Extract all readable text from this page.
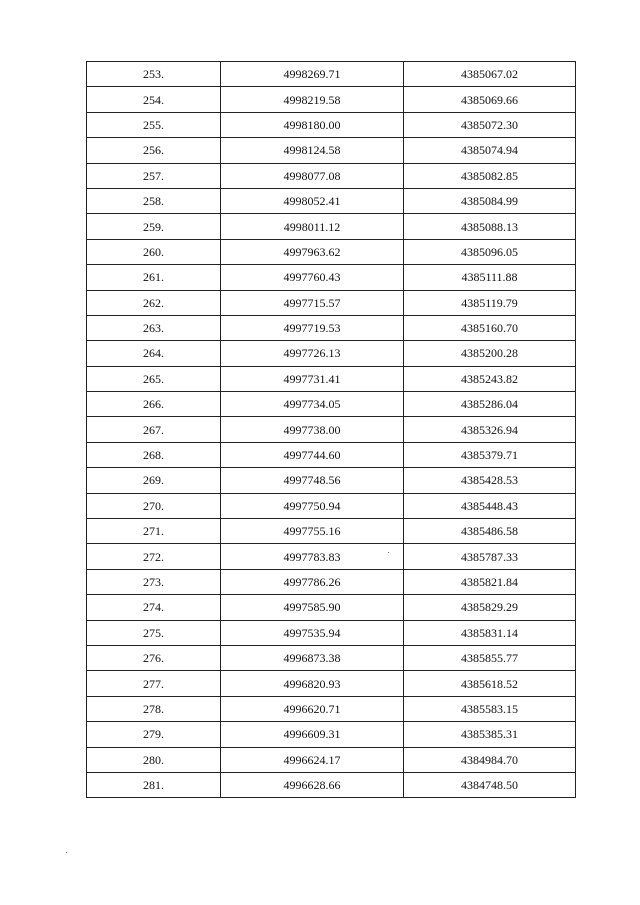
253.	4998269.71	4385067.02
254.	4998219.58	4385069.66
255.	4998180.00	4385072.30
256.	4998124.58	4385074.94
257.	4998077.08	4385082.85
258.	4998052.41	4385084.99
259.	4998011.12	4385088.13
260.	4997963.62	4385096.05
261.	4997760.43	4385111.88
262.	4997715.57	4385119.79
263.	4997719.53	4385160.70
264.	4997726.13	4385200.28
265.	4997731.41	4385243.82
266.	4997734.05	4385286.04
267.	4997738.00	4385326.94
268.	4997744.60	4385379.71
269.	4997748.56	4385428.53
270.	4997750.94	4385448.43
271.	4997755.16	4385486.58
272.	4997783.83	4385787.33
273.	4997786.26	4385821.84
274.	4997585.90	4385829.29
275.	4997535.94	4385831.14
276.	4996873.38	4385855.77
277.	4996820.93	4385618.52
278.	4996620.71	4385583.15
279.	4996609.31	4385385.31
280.	4996624.17	4384984.70
281.	4996628.66	4384748.50
